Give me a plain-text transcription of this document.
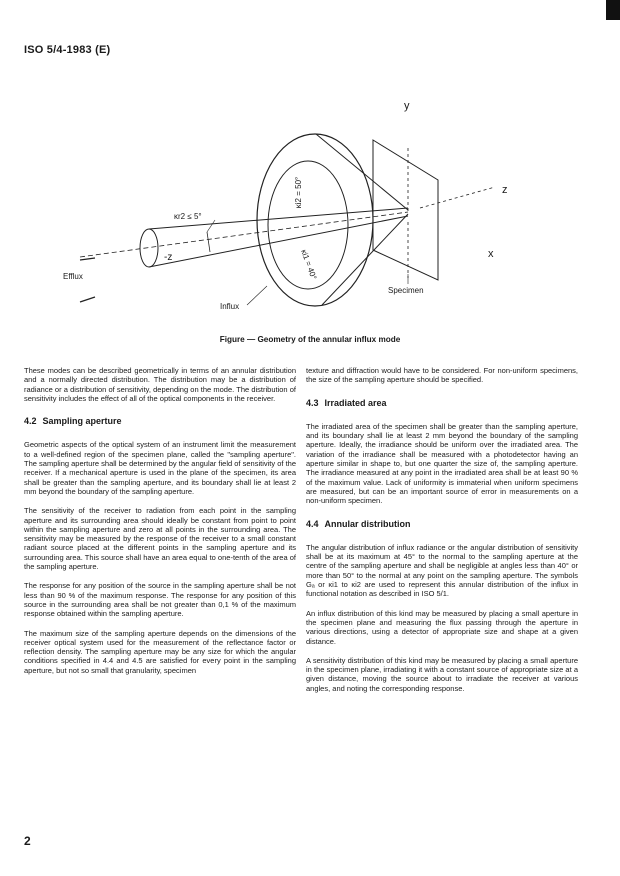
ISO 5/4-1983 (E)
y
z
x
-z
Efflux
Influx
Specimen
κr2 ≤ 5°
κi2 = 50°
κi1 = 40°
Figure — Geometry of the annular influx mode

These modes can be described geometrically in terms of an annular distribution and a normally directed distribution. The distribution may be a distribution of radiance or a distribution of sensitivity, depending on the mode. The distribution of sensitivity includes the effect of all of the optical components in the receiver.

4.2 Sampling aperture

Geometric aspects of the optical system of an instrument limit the measurement to a well-defined region of the specimen plane, called the "sampling aperture". The sampling aperture shall be determined by the angular field of sensitivity of the receiver. If a mechanical aperture is used in the plane of the specimen, its area shall be greater than the sampling aperture, and its boundary shall lie at least 2 mm beyond the boundary of the sampling aperture.

The sensitivity of the receiver to radiation from each point in the sampling aperture and its surrounding area should ideally be constant from point to point within the sampling aperture and zero at all points in the surrounding area. The sensitivity may be measured by the response of the receiver to a small constant radiant source placed at the different points in the sampling aperture and its surrounding area. This source shall have an area equal to one-tenth of the area of the sampling aperture.

The response for any position of the source in the sampling aperture shall be not less than 90 % of the maximum response. The response for any position of this source in the surrounding area shall be not greater than 0,1 % of the maximum response obtained within the sampling aperture.

The maximum size of the sampling aperture depends on the dimensions of the receiver optical system used for the measurement of the reflectance factor or reflection density. The sampling aperture may be any size for which the angular conditions specified in 4.4 and 4.5 are satisfied for every point in the sampling aperture, but not so small that granularity, specimen

texture and diffraction would have to be considered. For non-uniform specimens, the size of the sampling aperture should be specified.

4.3 Irradiated area

The irradiated area of the specimen shall be greater than the sampling aperture, and its boundary shall lie at least 2 mm beyond the boundary of the sampling aperture. Ideally, the irradiance should be uniform over the irradiated area. The variation of the irradiance shall be measured with a photodetector having an aperture similar in shape to, but one quarter the size of, the sampling aperture. The irradiance measured at any point in the irradiated area shall be at least 90 % of the maximum value. Lack of uniformity is immaterial when uniform specimens are measured, but can be an important source of error in measurements on a non-uniform specimen.

4.4 Annular distribution

The angular distribution of influx radiance or the angular distribution of sensitivity shall be at its maximum at 45° to the normal to the sampling aperture at the centre of the sampling aperture and shall be negligible at angles less than 40° or more than 50° to the normal at any point on the sampling aperture. The symbols Gₐ or κi1 to κi2 are used to represent this annular distribution of the influx in functional notation as described in ISO 5/1.

An influx distribution of this kind may be measured by placing a small aperture in the specimen plane and measuring the flux passing through the aperture in various directions, using a detector of appropriate size and shape at a given distance.

A sensitivity distribution of this kind may be measured by placing a small aperture in the specimen plane, irradiating it with a constant source of appropriate size at a given distance, moving the source about to irradiate the receiver at various angles, and noting the corresponding response.

2
